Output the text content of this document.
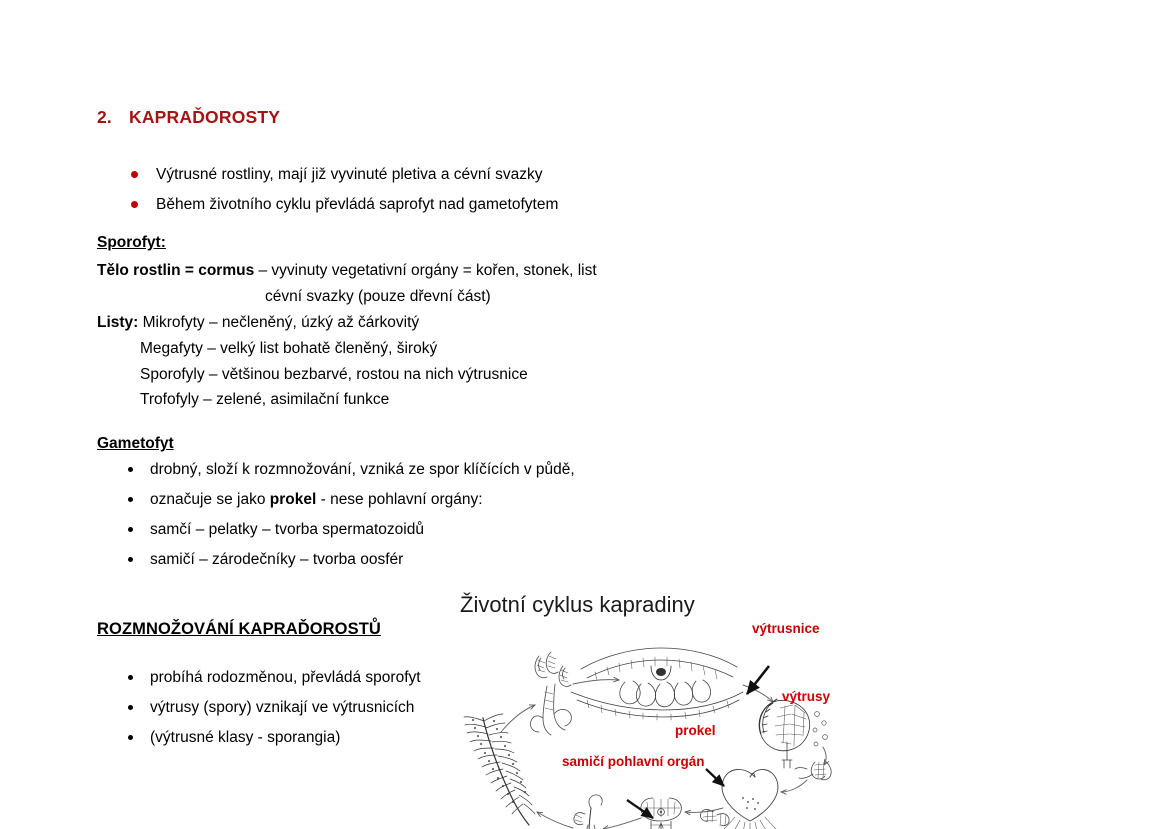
2. KAPRAĎOROSTY
Výtrusné rostliny, mají již vyvinuté pletiva a cévní svazky
Během životního cyklu převládá saprofyt nad gametofytem
Sporofyt:
Tělo rostlin = cormus – vyvinuty vegetativní orgány = kořen, stonek, list
cévní svazky (pouze dřevní část)
Listy: Mikrofyty – nečleněný, úzký až čárkovitý
Megafyty – velký list bohatě členěný, široký
Sporofyly – většinou bezbarvé, rostou na nich výtrusnice
Trofofyly – zelené, asimilační funkce
Gametofyt
drobný, složí k rozmnožování, vzniká ze spor klíčících v půdě,
označuje se jako prokel - nese pohlavní orgány:
samčí – pelatky – tvorba spermatozoidů
samičí – zárodečníky – tvorba oosfér
ROZMNOŽOVÁNÍ KAPRAĎOROSTŮ
probíhá rodozměnou, převládá sporofyt
výtrusy (spory) vznikají ve výtrusnicích
(výtrusné klasy - sporangia)
Životní cyklus kapradiny
výtrusnice
výtrusy
prokel
samičí pohlavní orgán
